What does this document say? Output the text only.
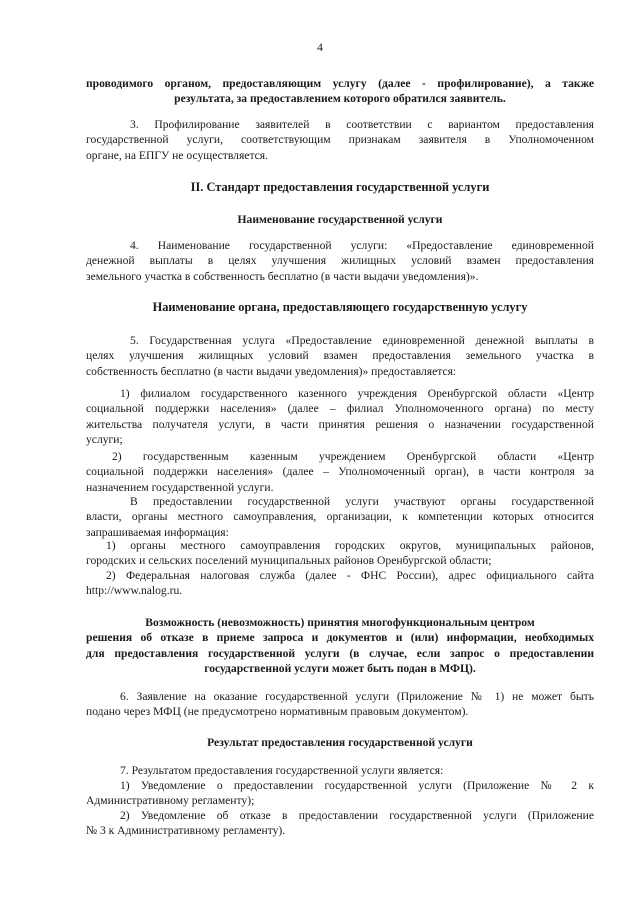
4
проводимого органом, предоставляющим услугу (далее - профилирование), а также
результата, за предоставлением которого обратился заявитель.
3. Профилирование заявителей в соответствии с вариантом предоставления
государственной услуги, соответствующим признакам заявителя в Уполномоченном
органе, на ЕПГУ не осуществляется.
II. Стандарт предоставления государственной услуги
Наименование государственной услуги
4. Наименование государственной услуги: «Предоставление единовременной
денежной выплаты в целях улучшения жилищных условий взамен предоставления
земельного участка в собственность бесплатно (в части выдачи уведомления)».
Наименование органа, предоставляющего государственную услугу
5. Государственная услуга «Предоставление единовременной денежной выплаты в
целях улучшения жилищных условий взамен предоставления земельного участка в
собственность бесплатно (в части выдачи уведомления)» предоставляется:
1) филиалом государственного казенного учреждения Оренбургской области «Центр
социальной поддержки населения» (далее – филиал Уполномоченного органа) по месту
жительства получателя услуги, в части принятия решения о назначении государственной
услуги;
2) государственным казенным учреждением Оренбургской области «Центр
социальной поддержки населения» (далее – Уполномоченный орган), в части контроля за
назначением государственной услуги.
В предоставлении государственной услуги участвуют органы государственной
власти, органы местного самоуправления, организации, к компетенции которых относится
запрашиваемая информация:
1) органы местного самоуправления городских округов, муниципальных районов,
городских и сельских поселений муниципальных районов Оренбургской области;
2) Федеральная налоговая служба (далее - ФНС России), адрес официального сайта
http://www.nalog.ru.
Возможность (невозможность) принятия многофункциональным центром
решения об отказе в приеме запроса и документов и (или) информации, необходимых
для предоставления государственной услуги (в случае, если запрос о предоставлении
государственной услуги может быть подан в МФЦ).
6. Заявление на оказание государственной услуги (Приложение № 1) не может быть
подано через МФЦ (не предусмотрено нормативным правовым документом).
Результат предоставления государственной услуги
7. Результатом предоставления государственной услуги является:
1) Уведомление о предоставлении государственной услуги (Приложение № 2 к
Административному регламенту);
2) Уведомление об отказе в предоставлении государственной услуги (Приложение
№ 3 к Административному регламенту).
